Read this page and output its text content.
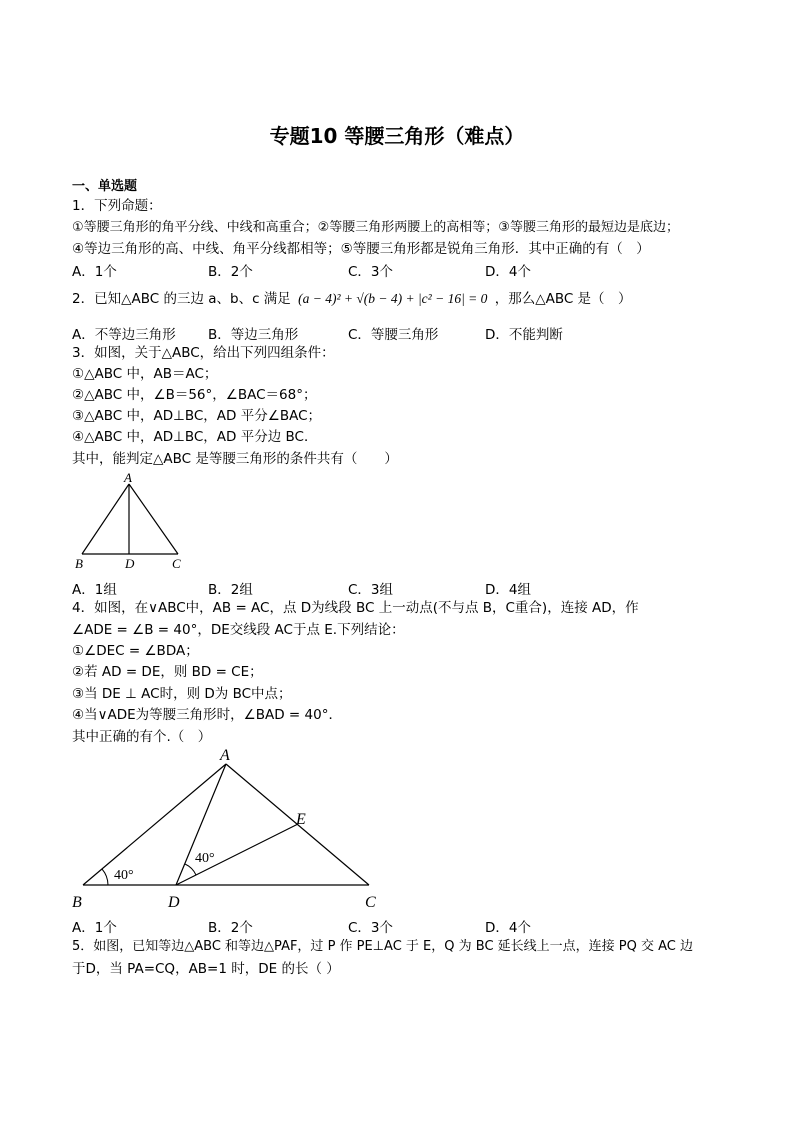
专题10 等腰三角形（难点）
一、单选题
1．下列命题：
①等腰三角形的角平分线、中线和高重合；②等腰三角形两腰上的高相等；③等腰三角形的最短边是底边；
④等边三角形的高、中线、角平分线都相等；⑤等腰三角形都是锐角三角形．其中正确的有（　）
A．1个	B．2个	C．3个	D．4个
2．已知△ABC 的三边 a、b、c 满足 (a − 4)² + √(b − 4) + |c² − 16| = 0 ，那么△ABC 是（　）
A．不等边三角形 B．等边三角形	C．等腰三角形	D．不能判断
3．如图，关于△ABC，给出下列四组条件：
①△ABC 中，AB＝AC；
②△ABC 中，∠B＝56°，∠BAC＝68°；
③△ABC 中，AD⊥BC，AD 平分∠BAC；
④△ABC 中，AD⊥BC，AD 平分边 BC．
其中，能判定△ABC 是等腰三角形的条件共有（　　）
A
B	D	C
A．1组	B．2组	C．3组	D．4组
4．如图，在∨ABC中，AB = AC，点 D为线段 BC 上一动点(不与点 B，C重合)，连接 AD，作
∠ADE = ∠B = 40°，DE交线段 AC于点 E.下列结论：
①∠DEC = ∠BDA；
②若 AD = DE，则 BD = CE；
③当 DE ⊥ AC时，则 D为 BC中点；
④当∨ADE为等腰三角形时，∠BAD = 40°．
其中正确的有个.（　）
A
B	D	C
E
40°
40°
A．1个	B．2个	C．3个	D．4个
5．如图，已知等边△ABC 和等边△PAF，过 P 作 PE⊥AC 于 E，Q 为 BC 延长线上一点，连接 PQ 交 AC 边
于D，当 PA=CQ，AB=1 时，DE 的长（ ）
